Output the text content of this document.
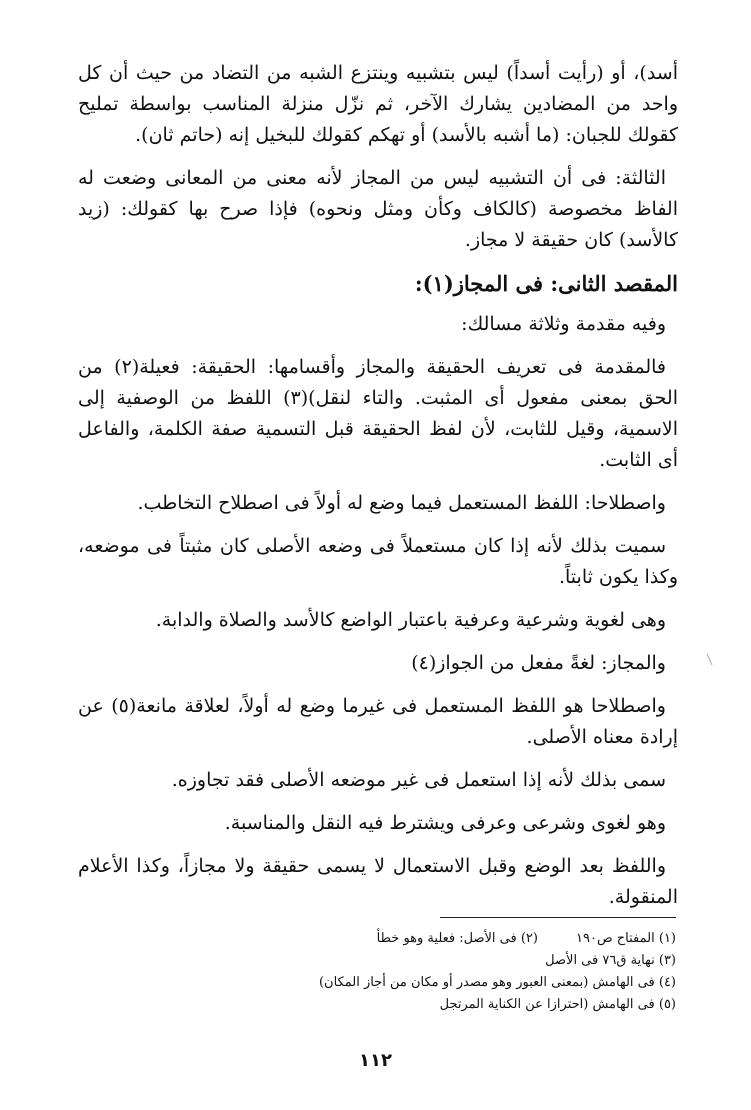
أسد)، أو (رأيت أسداً) ليس بتشبيه وينتزع الشبه من التضاد من حيث أن كل واحد من المضادين يشارك الآخر، ثم نزّل منزلة المناسب بواسطة تمليح كقولك للجبان: (ما أشبه بالأسد) أو تهكم كقولك للبخيل إنه (حاتم ثان).

الثالثة: فى أن التشبيه ليس من المجاز لأنه معنى من المعانى وضعت له الفاظ مخصوصة (كالكاف وكأن ومثل ونحوه) فإذا صرح بها كقولك: (زيد كالأسد) كان حقيقة لا مجاز.

المقصد الثانى: فى المجاز(١):

وفيه مقدمة وثلاثة مسالك:

فالمقدمة فى تعريف الحقيقة والمجاز وأقسامها: الحقيقة: فعيلة(٢) من الحق بمعنى مفعول أى المثبت. والتاء لنقل)(٣) اللفظ من الوصفية إلى الاسمية، وقيل للثابت، لأن لفظ الحقيقة قبل التسمية صفة الكلمة، والفاعل أى الثابت.

واصطلاحا: اللفظ المستعمل فيما وضع له أولاً فى اصطلاح التخاطب.

سميت بذلك لأنه إذا كان مستعملاً فى وضعه الأصلى كان مثبتاً فى موضعه، وكذا يكون ثابتاً.

وهى لغوية وشرعية وعرفية باعتبار الواضع كالأسد والصلاة والدابة.

والمجاز: لغةً مفعل من الجواز(٤)

واصطلاحا هو اللفظ المستعمل فى غيرما وضع له أولاً، لعلاقة مانعة(٥) عن إرادة معناه الأصلى.

سمى بذلك لأنه إذا استعمل فى غير موضعه الأصلى فقد تجاوزه.

وهو لغوى وشرعى وعرفى ويشترط فيه النقل والمناسبة.

واللفظ بعد الوضع وقبل الاستعمال لا يسمى حقيقة ولا مجازاً، وكذا الأعلام المنقولة.

(١) المفتاح ص١٩٠
(٢) فى الأصل: فعلية وهو خطأ
(٣) نهاية ق٧٦ فى الأصل
(٤) فى الهامش (بمعنى العبور وهو مصدر أو مكان من أجاز المكان)
(٥) فى الهامش (احترازا عن الكناية المرتجل
١١٢
